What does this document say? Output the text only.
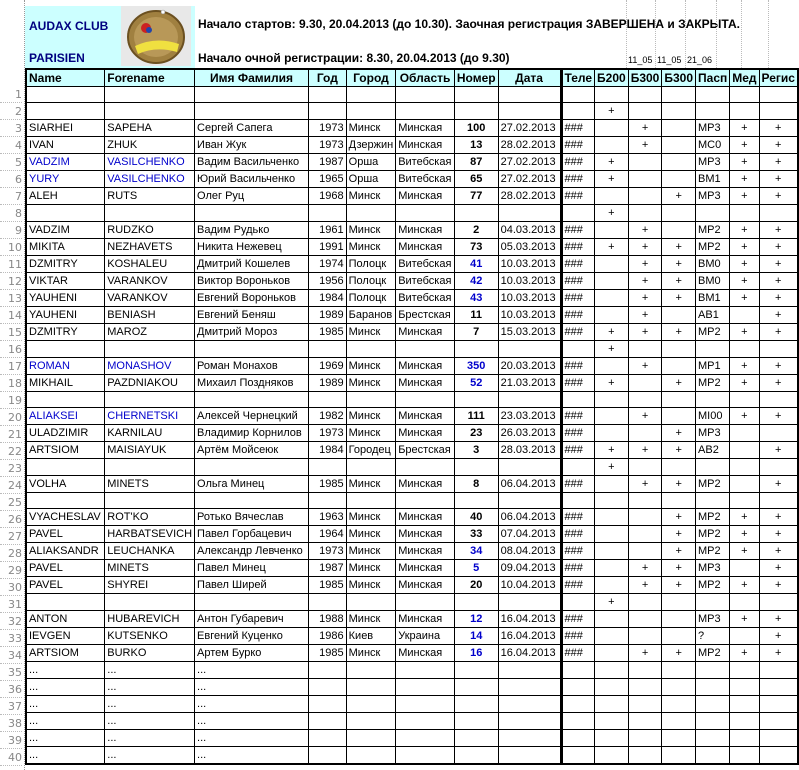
1
2
3
4
5
6
7
8
9
10
11
12
13
14
15
16
17
18
19
20
21
22
23
24
25
26
27
28
29
30
31
32
33
34
35
36
37
38
39
40
AUDAX CLUB
PARISIEN
Начало стартов: 9.30, 20.04.2013 (до 10.30). Заочная регистрация ЗАВЕРШЕНА и ЗАКРЫТА.
Начало очной регистрации: 8.30, 20.04.2013 (до 9.30)	11_05 11_05 21_06
Name	Forename	Имя Фамилия	Год	Город	Область	Номер	Дата	Теле	Б200	Б300	Б300	Пасп	Мед	Регис

									+					
SIARHEI	SAPEHA	Сергей Сапега	1973	Минск	Минская	100	27.02.2013	###		+		MP3	+	+
IVAN	ZHUK	Иван Жук	1973	Дзержин	Минская	13	28.02.2013	###		+		MC0	+	+
VADZIM	VASILCHENKO	Вадим Васильченко	1987	Орша	Витебская	87	27.02.2013	###	+			MP3	+	+
YURY	VASILCHENKO	Юрий Васильченко	1965	Орша	Витебская	65	27.02.2013	###	+			BM1	+	+
ALEH	RUTS	Олег Руц	1968	Минск	Минская	77	28.02.2013	###			+	MP3	+	+
									+					
VADZIM	RUDZKO	Вадим Рудько	1961	Минск	Минская	2	04.03.2013	###		+		MP2	+	+
MIKITA	NEZHAVETS	Никита Нежевец	1991	Минск	Минская	73	05.03.2013	###	+	+	+	MP2	+	+
DZMITRY	KOSHALEU	Дмитрий Кошелев	1974	Полоцк	Витебская	41	10.03.2013	###		+	+	BM0	+	+
VIKTAR	VARANKOV	Виктор Вороньков	1956	Полоцк	Витебская	42	10.03.2013	###		+	+	BM0	+	+
YAUHENI	VARANKOV	Евгений Вороньков	1984	Полоцк	Витебская	43	10.03.2013	###		+	+	BM1	+	+
YAUHENI	BENIASH	Евгений Беняш	1989	Баранов	Брестская	11	10.03.2013	###		+		AB1		+
DZMITRY	MAROZ	Дмитрий Мороз	1985	Минск	Минская	7	15.03.2013	###	+	+	+	MP2	+	+
									+					
ROMAN	MONASHOV	Роман Монахов	1969	Минск	Минская	350	20.03.2013	###		+		MP1	+	+
MIKHAIL	PAZDNIAKOU	Михаил Поздняков	1989	Минск	Минская	52	21.03.2013	###	+		+	MP2	+	+

ALIAKSEI	CHERNETSKI	Алексей Чернецкий	1982	Минск	Минская	111	23.03.2013	###		+		MI00	+	+
ULADZIMIR	KARNILAU	Владимир Корнилов	1973	Минск	Минская	23	26.03.2013	###			+	MP3		
ARTSIOM	MAISIAYUK	Артём Мойсеюк	1984	Городец	Брестская	3	28.03.2013	###	+	+	+	AB2		+
									+					
VOLHA	MINETS	Ольга Минец	1985	Минск	Минская	8	06.04.2013	###		+	+	MP2		+

VYACHESLAV	ROT'KO	Ротько Вячеслав	1963	Минск	Минская	40	06.04.2013	###			+	MP2	+	+
PAVEL	HARBATSEVICH	Павел Горбацевич	1964	Минск	Минская	33	07.04.2013	###			+	MP2	+	+
ALIAKSANDR	LEUCHANKA	Александр Левченко	1973	Минск	Минская	34	08.04.2013	###			+	MP2	+	+
PAVEL	MINETS	Павел Минец	1987	Минск	Минская	5	09.04.2013	###		+	+	MP3		+
PAVEL	SHYREI	Павел Ширей	1985	Минск	Минская	20	10.04.2013	###		+	+	MP2	+	+
									+					
ANTON	HUBAREVICH	Антон Губаревич	1988	Минск	Минская	12	16.04.2013	###				MP3	+	+
IEVGEN	KUTSENKO	Евгений Куценко	1986	Киев	Украина	14	16.04.2013	###				?		+
ARTSIOM	BURKO	Артем Бурко	1985	Минск	Минская	16	16.04.2013	###		+	+	MP2	+	+
...	...	...												
...	...	...												
...	...	...												
...	...	...												
...	...	...												
...	...	...												
